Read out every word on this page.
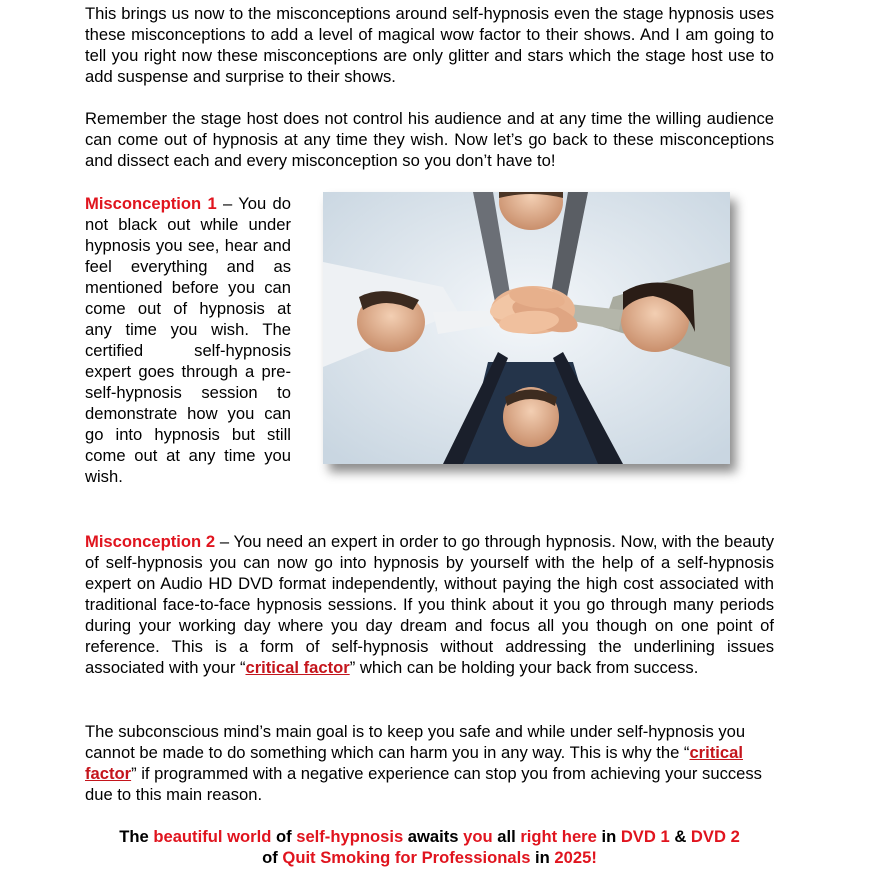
This brings us now to the misconceptions around self-hypnosis even the stage hypnosis uses these misconceptions to add a level of magical wow factor to their shows. And I am going to tell you right now these misconceptions are only glitter and stars which the stage host use to add suspense and surprise to their shows.

Remember the stage host does not control his audience and at any time the willing audience can come out of hypnosis at any time they wish. Now let’s go back to these misconceptions and dissect each and every misconception so you don’t have to!

Misconception 1 – You do not black out while under hypnosis you see, hear and feel everything and as mentioned before you can come out of hypnosis at any time you wish. The certified self-hypnosis expert goes through a pre-self-hypnosis session to demonstrate how you can go into hypnosis but still come out at any time you wish.

Misconception 2 – You need an expert in order to go through hypnosis. Now, with the beauty of self-hypnosis you can now go into hypnosis by yourself with the help of a self-hypnosis expert on Audio HD DVD format independently, without paying the high cost associated with traditional face-to-face hypnosis sessions. If you think about it you go through many periods during your working day where you day dream and focus all you though on one point of reference. This is a form of self-hypnosis without addressing the underlining issues associated with your “critical factor” which can be holding your back from success.

The subconscious mind’s main goal is to keep you safe and while under self-hypnosis you cannot be made to do something which can harm you in any way. This is why the “critical factor” if programmed with a negative experience can stop you from achieving your success due to this main reason.

The beautiful world of self-hypnosis awaits you all right here in DVD 1 & DVD 2
of Quit Smoking for Professionals in 2025!
